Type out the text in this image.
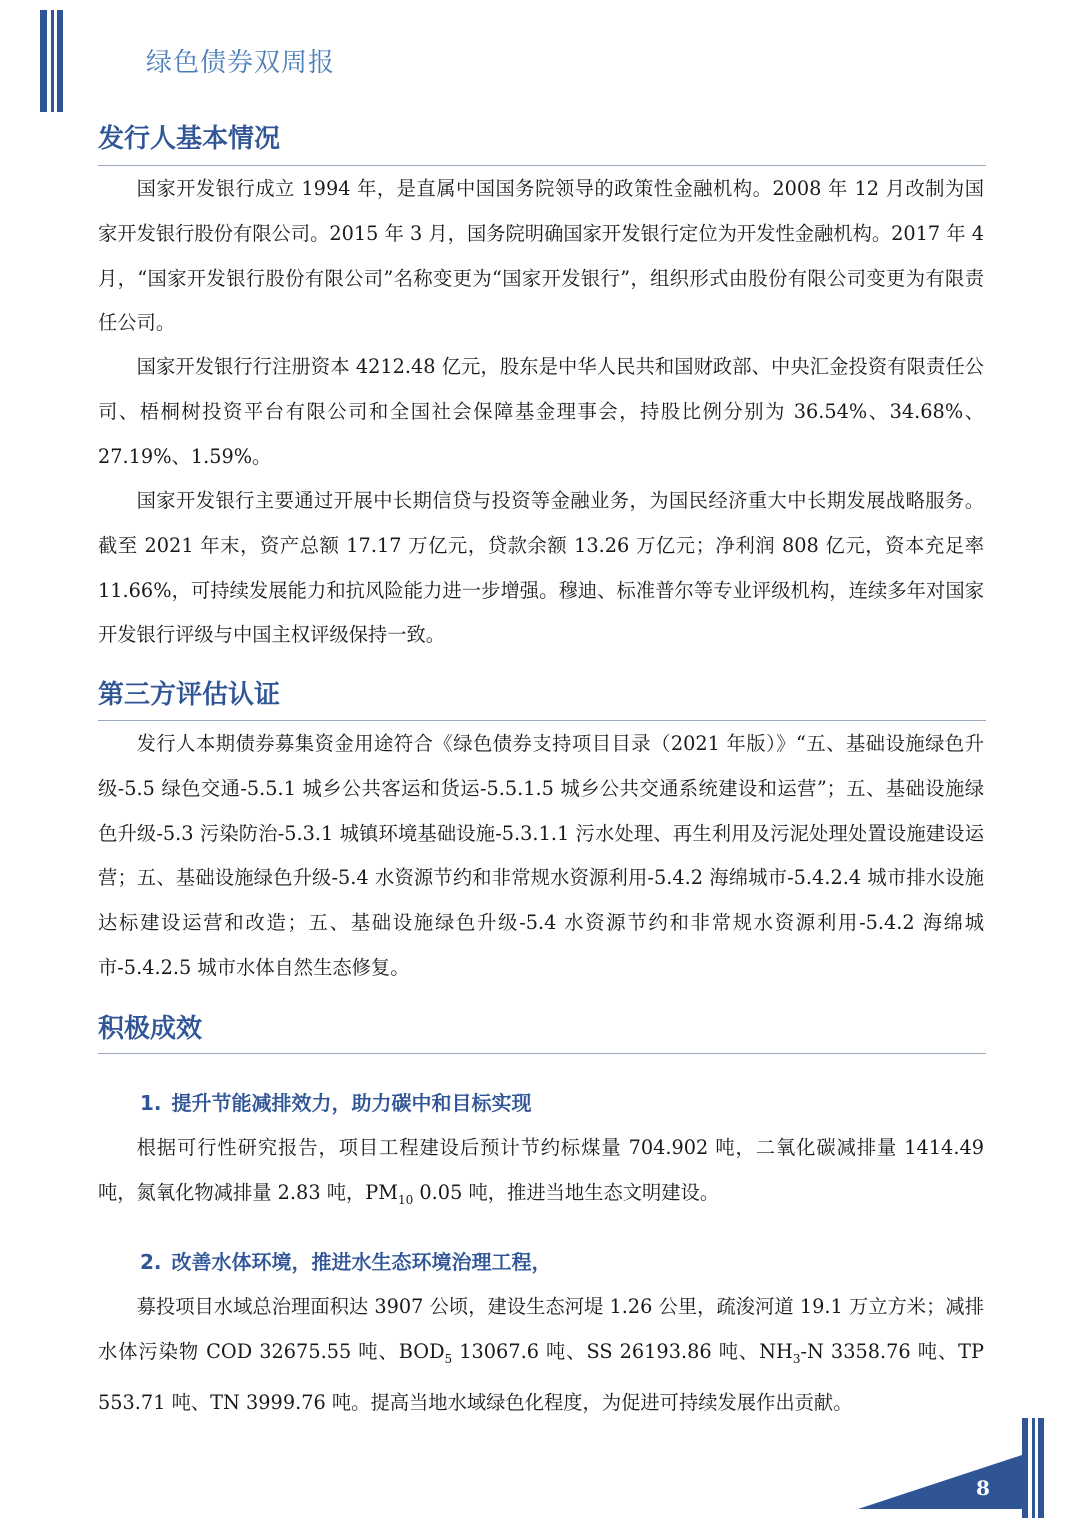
绿色债券双周报
发行人基本情况

国家开发银行成立 1994 年，是直属中国国务院领导的政策性金融机构。2008 年 12 月改制为国家开发银行股份有限公司。2015 年 3 月，国务院明确国家开发银行定位为开发性金融机构。2017 年 4 月，“国家开发银行股份有限公司”名称变更为“国家开发银行”，组织形式由股份有限公司变更为有限责任公司。

国家开发银行行注册资本 4212.48 亿元，股东是中华人民共和国财政部、中央汇金投资有限责任公司、梧桐树投资平台有限公司和全国社会保障基金理事会，持股比例分别为 36.54%、34.68%、27.19%、1.59%。

国家开发银行主要通过开展中长期信贷与投资等金融业务，为国民经济重大中长期发展战略服务。截至 2021 年末，资产总额 17.17 万亿元，贷款余额 13.26 万亿元；净利润 808 亿元，资本充足率 11.66%，可持续发展能力和抗风险能力进一步增强。穆迪、标准普尔等专业评级机构，连续多年对国家开发银行评级与中国主权评级保持一致。

第三方评估认证

发行人本期债券募集资金用途符合《绿色债券支持项目目录（2021 年版）》“五、基础设施绿色升级-5.5 绿色交通-5.5.1 城乡公共客运和货运-5.5.1.5 城乡公共交通系统建设和运营”；五、基础设施绿色升级-5.3 污染防治-5.3.1 城镇环境基础设施-5.3.1.1 污水处理、再生利用及污泥处理处置设施建设运营；五、基础设施绿色升级-5.4 水资源节约和非常规水资源利用-5.4.2 海绵城市-5.4.2.4 城市排水设施达标建设运营和改造；五、基础设施绿色升级-5.4 水资源节约和非常规水资源利用-5.4.2 海绵城市-5.4.2.5 城市水体自然生态修复。

积极成效
1. 提升节能减排效力，助力碳中和目标实现

根据可行性研究报告，项目工程建设后预计节约标煤量 704.902 吨，二氧化碳减排量 1414.49 吨，氮氧化物减排量 2.83 吨，$PM_{10}$ 0.05 吨，推进当地生态文明建设。

2. 改善水体环境，推进水生态环境治理工程，

募投项目水域总治理面积达 3907 公顷，建设生态河堤 1.26 公里，疏浚河道 19.1 万立方米；减排水体污染物 COD 32675.55 吨、$BOD_5$ 13067.6 吨、SS 26193.86 吨、$NH_3-N$ 3358.76 吨、TP 553.71 吨、TN 3999.76 吨。提高当地水域绿色化程度，为促进可持续发展作出贡献。

8
